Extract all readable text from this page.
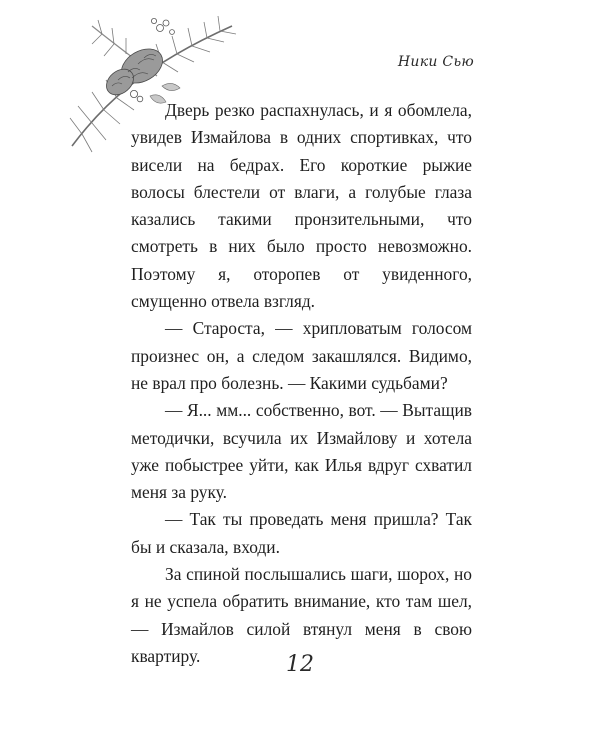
Ники Сью

Дверь резко распахнулась, и я обомлела, увидев Измайлова в одних спортивках, что висели на бедрах. Его короткие рыжие волосы блестели от влаги, а голубые глаза казались такими пронзительными, что смотреть в них было просто невозможно. Поэтому я, оторопев от увиденного, смущенно отвела взгляд.

— Староста, — хрипловатым голосом произнес он, а следом закашлялся. Видимо, не врал про болезнь. — Какими судьбами?

— Я... мм... собственно, вот. — Вытащив методички, всучила их Измайлову и хотела уже побыстрее уйти, как Илья вдруг схватил меня за руку.

— Так ты проведать меня пришла? Так бы и сказала, входи.

За спиной послышались шаги, шорох, но я не успела обратить внимание, кто там шел, — Измайлов силой втянул меня в свою квартиру.	12
